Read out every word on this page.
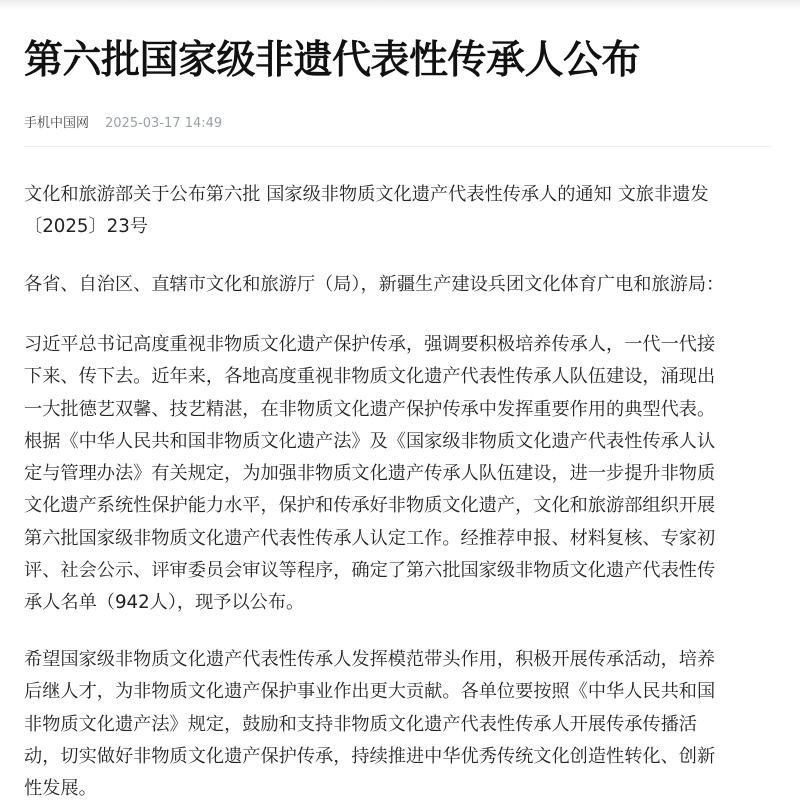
第六批国家级非遗代表性传承人公布
手机中国网 2025-03-17 14:49

文化和旅游部关于公布第六批 国家级非物质文化遗产代表性传承人的通知 文旅非遗发
〔2025〕23号

各省、自治区、直辖市文化和旅游厅（局），新疆生产建设兵团文化体育广电和旅游局：

习近平总书记高度重视非物质文化遗产保护传承，强调要积极培养传承人，一代一代接
下来、传下去。近年来，各地高度重视非物质文化遗产代表性传承人队伍建设，涌现出
一大批德艺双馨、技艺精湛，在非物质文化遗产保护传承中发挥重要作用的典型代表。
根据《中华人民共和国非物质文化遗产法》及《国家级非物质文化遗产代表性传承人认
定与管理办法》有关规定，为加强非物质文化遗产传承人队伍建设，进一步提升非物质
文化遗产系统性保护能力水平，保护和传承好非物质文化遗产，文化和旅游部组织开展
第六批国家级非物质文化遗产代表性传承人认定工作。经推荐申报、材料复核、专家初
评、社会公示、评审委员会审议等程序，确定了第六批国家级非物质文化遗产代表性传
承人名单（942人），现予以公布。

希望国家级非物质文化遗产代表性传承人发挥模范带头作用，积极开展传承活动，培养
后继人才，为非物质文化遗产保护事业作出更大贡献。各单位要按照《中华人民共和国
非物质文化遗产法》规定，鼓励和支持非物质文化遗产代表性传承人开展传承传播活
动，切实做好非物质文化遗产保护传承，持续推进中华优秀传统文化创造性转化、创新
性发展。
